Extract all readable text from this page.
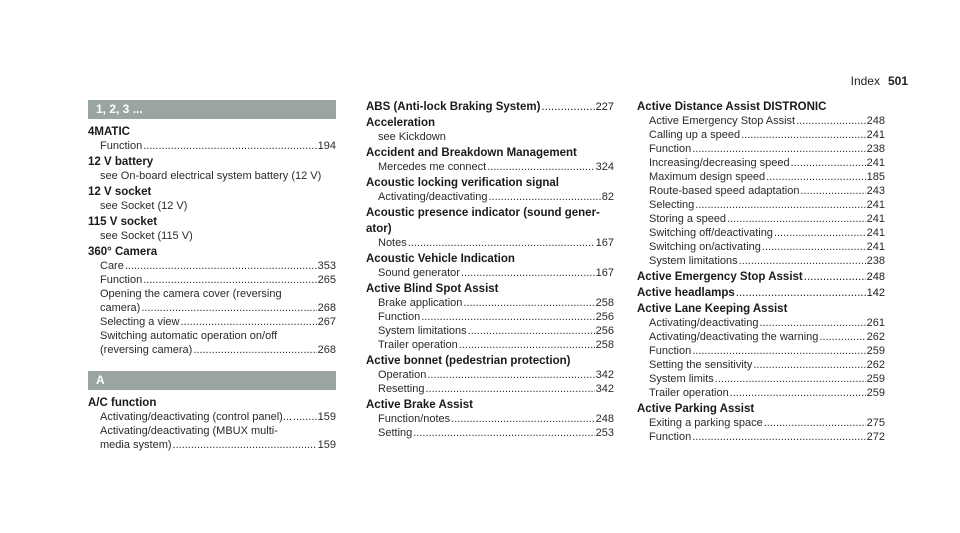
Index 501
1, 2, 3 ...
4MATIC
Function .....	194
12 V battery
see On-board electrical system battery (12 V)
12 V socket
see Socket (12 V)
115 V socket
see Socket (115 V)
360° Camera
Care .....	353
Function .....	265
Opening the camera cover (reversing
camera) .....	268
Selecting a view .....	267
Switching automatic operation on/off
(reversing camera) .....	268
A
A/C function
Activating/deactivating (control panel)... ..... 159
Activating/deactivating (MBUX multi-
media system) .....	159
ABS (Anti-lock Braking System) .....	227
Acceleration
see Kickdown
Accident and Breakdown Management
Mercedes me connect .....	324
Acoustic locking verification signal
Activating/deactivating .....	82
Acoustic presence indicator (sound gener-
ator)
Notes .....	167
Acoustic Vehicle Indication
Sound generator .....	167
Active Blind Spot Assist
Brake application .....	258
Function .....	256
System limitations .....	256
Trailer operation .....	258
Active bonnet (pedestrian protection)
Operation .....	342
Resetting .....	342
Active Brake Assist
Function/notes .....	248
Setting .....	253
Active Distance Assist DISTRONIC
Active Emergency Stop Assist .....	248
Calling up a speed .....	241
Function .....	238
Increasing/decreasing speed .....	241
Maximum design speed .....	185
Route-based speed adaptation .....	243
Selecting .....	241
Storing a speed .....	241
Switching off/deactivating .....	241
Switching on/activating .....	241
System limitations .....	238
Active Emergency Stop Assist .....	248
Active headlamps .....	142
Active Lane Keeping Assist
Activating/deactivating .....	261
Activating/deactivating the warning .....	262
Function .....	259
Setting the sensitivity .....	262
System limits .....	259
Trailer operation .....	259
Active Parking Assist
Exiting a parking space .....	275
Function .....	272
